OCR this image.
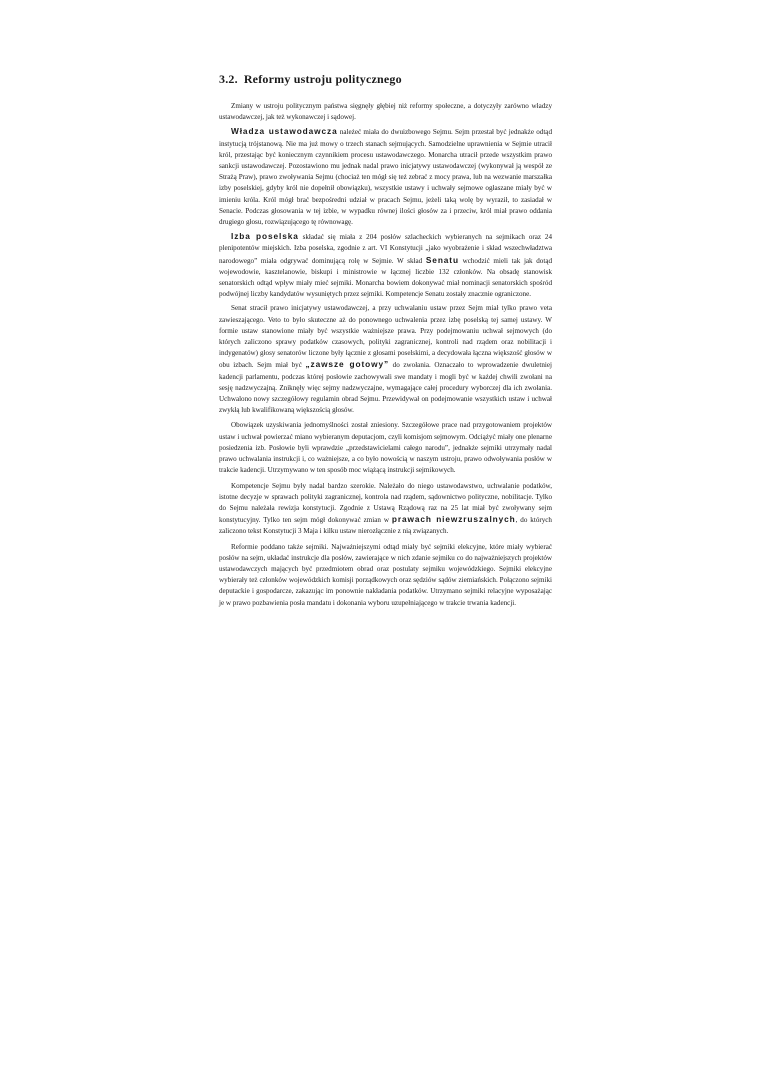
3.2. Reformy ustroju politycznego

Zmiany w ustroju politycznym państwa sięgnęły głębiej niż reformy społeczne, a dotyczyły zarówno władzy ustawodawczej, jak też wykonawczej i sądowej.

Władza ustawodawcza należeć miała do dwuizbowego Sejmu. Sejm przestał być jednakże odtąd instytucją trójstanową. Nie ma już mowy o trzech stanach sejmujących. Samodzielne uprawnienia w Sejmie utracił król, przestając być koniecznym czynnikiem procesu ustawodawczego. Monarcha utracił przede wszystkim prawo sankcji ustawodawczej. Pozostawiono mu jednak nadal prawo inicjatywy ustawodawczej (wykonywał ją wespół ze Strażą Praw), prawo zwoływania Sejmu (chociaż ten mógł się też zebrać z mocy prawa, lub na wezwanie marszałka izby poselskiej, gdyby król nie dopełnił obowiązku), wszystkie ustawy i uchwały sejmowe ogłaszane miały być w imieniu króla. Król mógł brać bezpośredni udział w pracach Sejmu, jeżeli taką wolę by wyraził, to zasiadał w Senacie. Podczas głosowania w tej izbie, w wypadku równej ilości głosów za i przeciw, król miał prawo oddania drugiego głosu, rozwiązującego tę równowagę.

Izba poselska składać się miała z 204 posłów szlacheckich wybieranych na sejmikach oraz 24 plenipotentów miejskich. Izba poselska, zgodnie z art. VI Konstytucji „jako wyobrażenie i skład wszechwładztwa narodowego” miała odgrywać dominującą rolę w Sejmie. W skład Senatu wchodzić mieli tak jak dotąd wojewodowie, kasztelanowie, biskupi i ministrowie w łącznej liczbie 132 członków. Na obsadę stanowisk senatorskich odtąd wpływ miały mieć sejmiki. Monarcha bowiem dokonywać miał nominacji senatorskich spośród podwójnej liczby kandydatów wysuniętych przez sejmiki. Kompetencje Senatu zostały znacznie ograniczone.

Senat stracił prawo inicjatywy ustawodawczej, a przy uchwalaniu ustaw przez Sejm miał tylko prawo veta zawieszającego. Veto to było skuteczne aż do ponownego uchwalenia przez izbę poselską tej samej ustawy. W formie ustaw stanowione miały być wszystkie ważniejsze prawa. Przy podejmowaniu uchwał sejmowych (do których zaliczono sprawy podatków czasowych, polityki zagranicznej, kontroli nad rządem oraz nobilitacji i indygenatów) głosy senatorów liczone były łącznie z głosami poselskimi, a decydowała łączna większość głosów w obu izbach. Sejm miał być „zawsze gotowy” do zwołania. Oznaczało to wprowadzenie dwuletniej kadencji parlamentu, podczas której posłowie zachowywali swe mandaty i mogli być w każdej chwili zwołani na sesję nadzwyczajną. Zniknęły więc sejmy nadzwyczajne, wymagające całej procedury wyborczej dla ich zwołania. Uchwalono nowy szczegółowy regulamin obrad Sejmu. Przewidywał on podejmowanie wszystkich ustaw i uchwał zwykłą lub kwalifikowaną większością głosów.

Obowiązek uzyskiwania jednomyślności został zniesiony. Szczegółowe prace nad przygotowaniem projektów ustaw i uchwał powierzać miano wybieranym deputacjom, czyli komisjom sejmowym. Odciążyć miały one plenarne posiedzenia izb. Posłowie byli wprawdzie „przedstawicielami całego narodu”, jednakże sejmiki utrzymały nadal prawo uchwalania instrukcji i, co ważniejsze, a co było nowością w naszym ustroju, prawo odwoływania posłów w trakcie kadencji. Utrzymywano w ten sposób moc wiążącą instrukcji sejmikowych.

Kompetencje Sejmu były nadal bardzo szerokie. Należało do niego ustawodawstwo, uchwalanie podatków, istotne decyzje w sprawach polityki zagranicznej, kontrola nad rządem, sądownictwo polityczne, nobilitacje. Tylko do Sejmu należała rewizja konstytucji. Zgodnie z Ustawą Rządową raz na 25 lat miał być zwoływany sejm konstytucyjny. Tylko ten sejm mógł dokonywać zmian w prawach niewzruszalnych, do których zaliczono tekst Konstytucji 3 Maja i kilku ustaw nierozłącznie z nią związanych.

Reformie poddano także sejmiki. Najważniejszymi odtąd miały być sejmiki elekcyjne, które miały wybierać posłów na sejm, układać instrukcje dla posłów, zawierające w nich zdanie sejmiku co do najważniejszych projektów ustawodawczych mających być przedmiotem obrad oraz postulaty sejmiku wojewódzkiego. Sejmiki elekcyjne wybierały też członków wojewódzkich komisji porządkowych oraz sędziów sądów ziemiańskich. Połączono sejmiki deputackie i gospodarcze, zakazując im ponownie nakładania podatków. Utrzymano sejmiki relacyjne wyposażając je w prawo pozbawienia posła mandatu i dokonania wyboru uzupełniającego w trakcie trwania kadencji.
